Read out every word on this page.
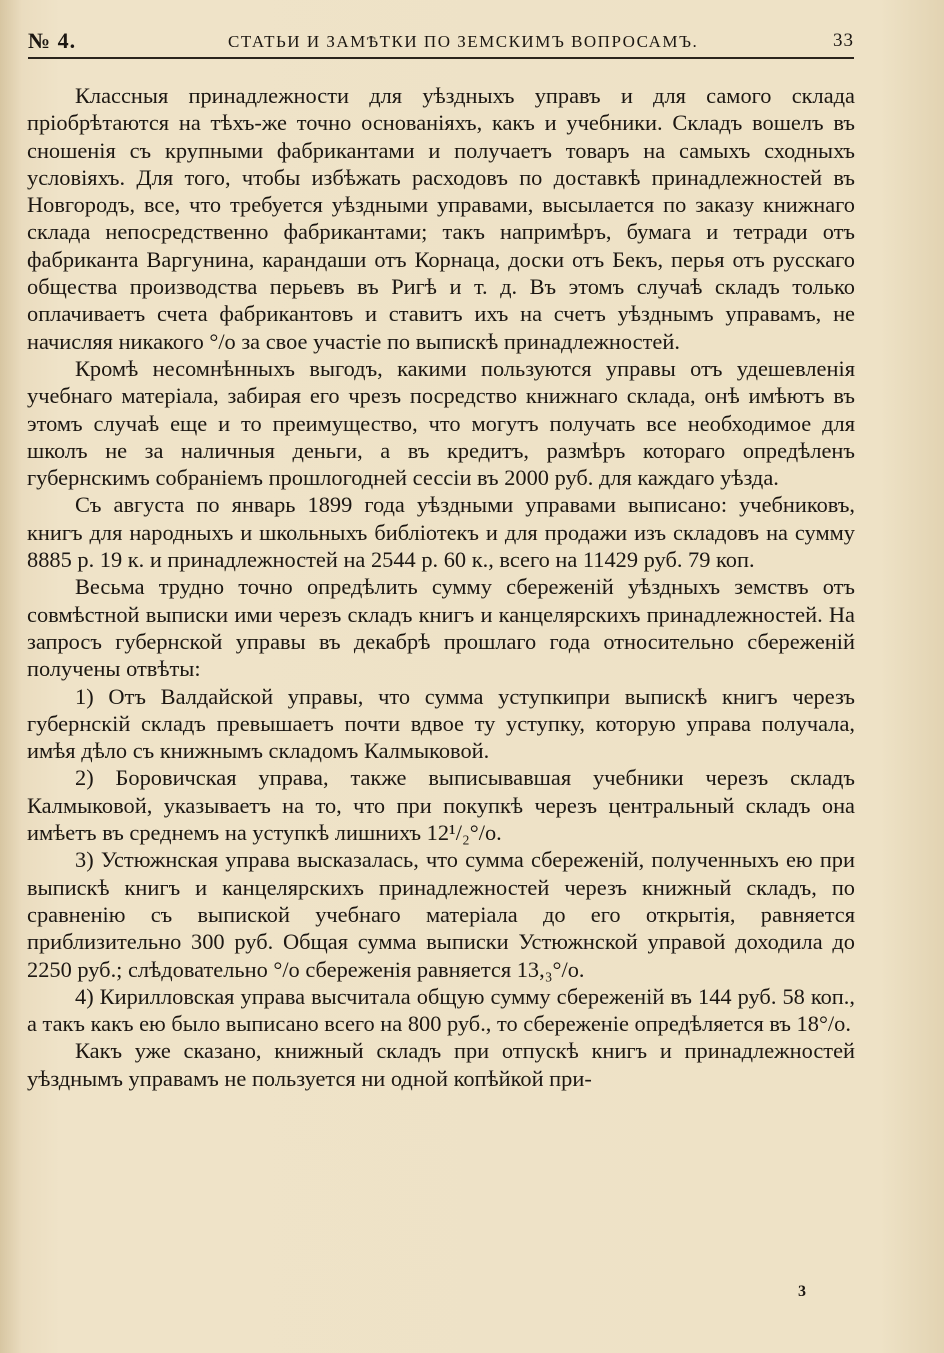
№ 4.	СТАТЬИ И ЗАМѢТКИ ПО ЗЕМСКИМЪ ВОПРОСАМЪ.	33

Классныя принадлежности для уѣздныхъ управъ и для самого склада пріобрѣтаются на тѣхъ-же точно основаніяхъ, какъ и учебники. Складъ вошелъ въ сношенія съ крупными фабрикантами и получаетъ товаръ на самыхъ сходныхъ условіяхъ. Для того, чтобы избѣжать расходовъ по доставкѣ принадлежностей въ Новгородъ, все, что требуется уѣздными управами, высылается по заказу книжнаго склада непосредственно фабрикантами; такъ напримѣръ, бумага и тетради отъ фабриканта Варгунина, карандаши отъ Корнаца, доски отъ Бекъ, перья отъ русскаго общества производства перьевъ въ Ригѣ и т. д. Въ этомъ случаѣ складъ только оплачиваетъ счета фабрикантовъ и ставитъ ихъ на счетъ уѣзднымъ управамъ, не начисляя никакого °/о за свое участіе по выпискѣ принадлежностей.

Кромѣ несомнѣнныхъ выгодъ, какими пользуются управы отъ удешевленія учебнаго матеріала, забирая его чрезъ посредство книжнаго склада, онѣ имѣютъ въ этомъ случаѣ еще и то преимущество, что могутъ получать все необходимое для школъ не за наличныя деньги, а въ кредитъ, размѣръ котораго опредѣленъ губернскимъ собраніемъ прошлогодней сессіи въ 2000 руб. для каждаго уѣзда.

Съ августа по январь 1899 года уѣздными управами выписано: учебниковъ, книгъ для народныхъ и школьныхъ библіотекъ и для продажи изъ складовъ на сумму 8885 р. 19 к. и принадлежностей на 2544 р. 60 к., всего на 11429 руб. 79 коп.

Весьма трудно точно опредѣлить сумму сбереженій уѣздныхъ земствъ отъ совмѣстной выписки ими черезъ складъ книгъ и канцелярскихъ принадлежностей. На запросъ губернской управы въ декабрѣ прошлаго года относительно сбереженій получены отвѣты:

1) Отъ Валдайской управы, что сумма уступкипри выпискѣ книгъ черезъ губернскій складъ превышаетъ почти вдвое ту уступку, которую управа получала, имѣя дѣло съ книжнымъ складомъ Калмыковой.

2) Боровичская управа, также выписывавшая учебники черезъ складъ Калмыковой, указываетъ на то, что при покупкѣ черезъ центральный складъ она имѣетъ въ среднемъ на уступкѣ лишнихъ 12¹/₂°/о.

3) Устюжнская управа высказалась, что сумма сбереженій, полученныхъ ею при выпискѣ книгъ и канцелярскихъ принадлежностей черезъ книжный складъ, по сравненію съ выпиской учебнаго матеріала до его открытія, равняется приблизительно 300 руб. Общая сумма выписки Устюжнской управой доходила до 2250 руб.; слѣдовательно °/о сбереженія равняется 13,₃°/о.

4) Кирилловская управа высчитала общую сумму сбереженій въ 144 руб. 58 коп., а такъ какъ ею было выписано всего на 800 руб., то сбереженіе опредѣляется въ 18°/о.

Какъ уже сказано, книжный складъ при отпускѣ книгъ и принадлежностей уѣзднымъ управамъ не пользуется ни одной копѣйкой при-

3
